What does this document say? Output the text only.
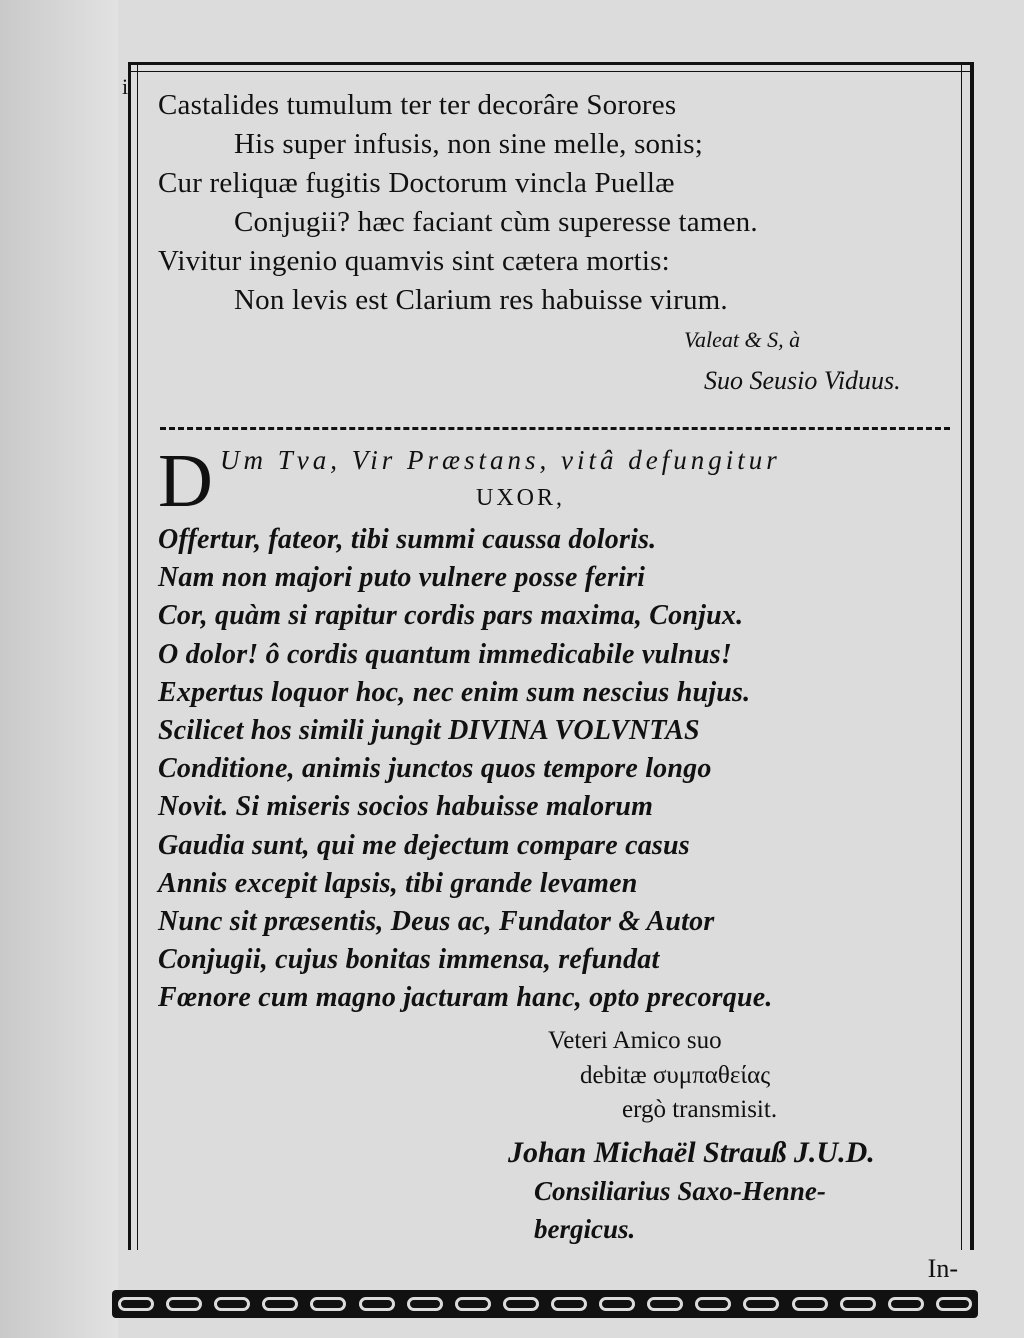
i
Castalides tumulum ter ter decorâre Sorores
His super infusis, non sine melle, sonis;
Cur reliquæ fugitis Doctorum vincla Puellæ
Conjugii? hæc faciant cùm superesse tamen.
Vivitur ingenio quamvis sint cætera mortis:
Non levis est Clarium res habuisse virum.
Valeat & S, à
Suo Seusio Viduus.
D Um Tva, Vir Præstans, vitâ defungitur
UXOR,
Offertur, fateor, tibi summi caussa doloris.
Nam non majori puto vulnere posse feriri
Cor, quàm si rapitur cordis pars maxima, Conjux.
O dolor! ô cordis quantum immedicabile vulnus!
Expertus loquor hoc, nec enim sum nescius hujus.
Scilicet hos simili jungit DIVINA VOLVNTAS
Conditione, animis junctos quos tempore longo
Novit. Si miseris socios habuisse malorum
Gaudia sunt, qui me dejectum compare casus
Annis excepit lapsis, tibi grande levamen
Nunc sit præsentis, Deus ac, Fundator & Autor
Conjugii, cujus bonitas immensa, refundat
Fœnore cum magno jacturam hanc, opto precorque.
Veteri Amico suo
debitæ συμπαθείας
ergò transmisit.
Johan Michaël Strauß J.U.D.
Consiliarius Saxo-Henne-
bergicus.
In-
